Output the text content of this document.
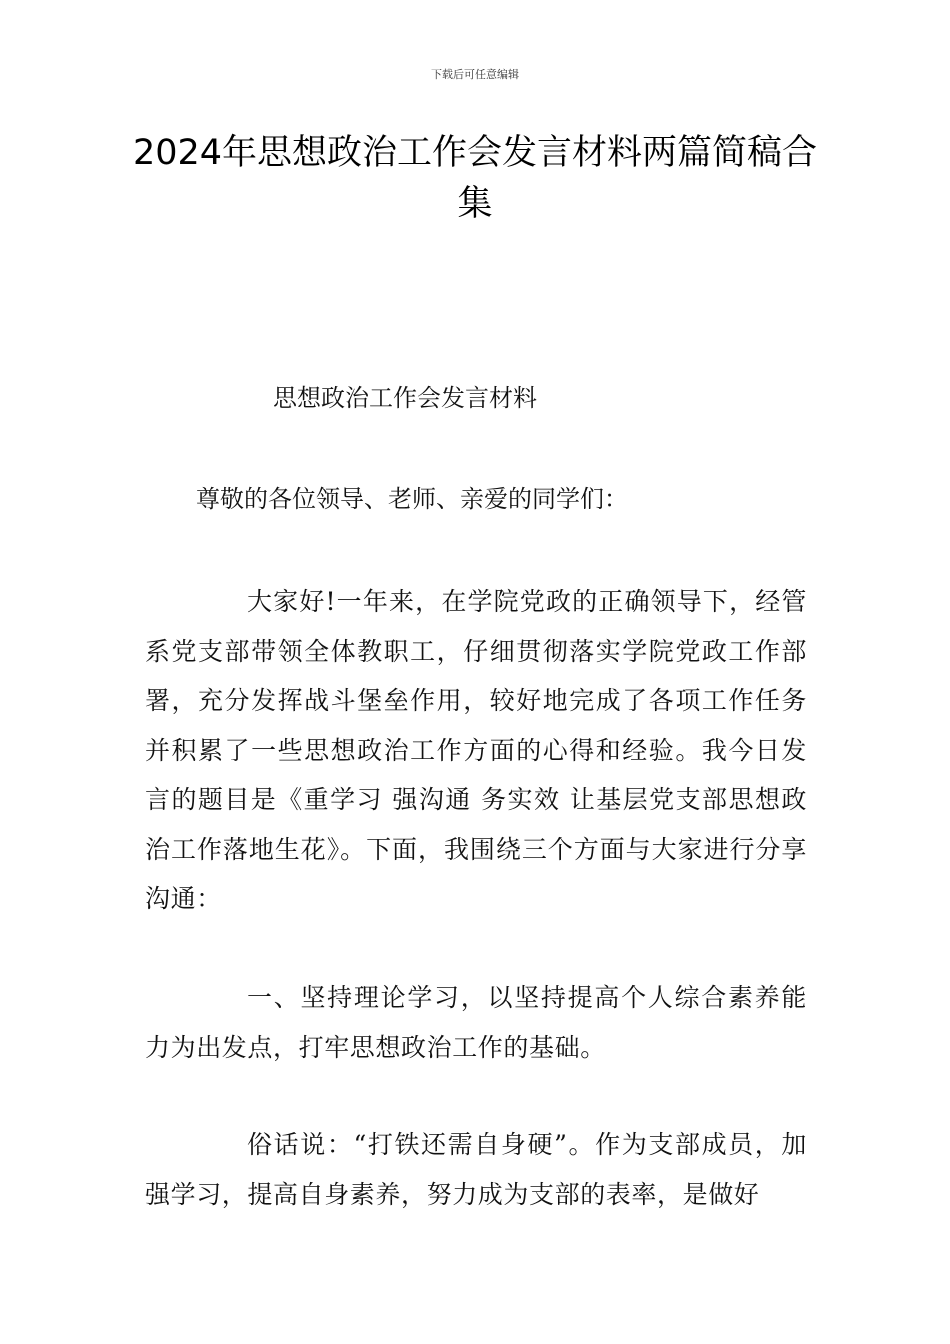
下载后可任意编辑
2024年思想政治工作会发言材料两篇简稿合集
思想政治工作会发言材料
尊敬的各位领导、老师、亲爱的同学们：

大家好!一年来，在学院党政的正确领导下，经管系党支部带领全体教职工，仔细贯彻落实学院党政工作部署，充分发挥战斗堡垒作用，较好地完成了各项工作任务并积累了一些思想政治工作方面的心得和经验。我今日发言的题目是《重学习 强沟通 务实效 让基层党支部思想政治工作落地生花》。下面，我围绕三个方面与大家进行分享沟通：

一、坚持理论学习，以坚持提高个人综合素养能力为出发点，打牢思想政治工作的基础。

俗话说：“打铁还需自身硬”。作为支部成员，加强学习，提高自身素养，努力成为支部的表率，是做好
